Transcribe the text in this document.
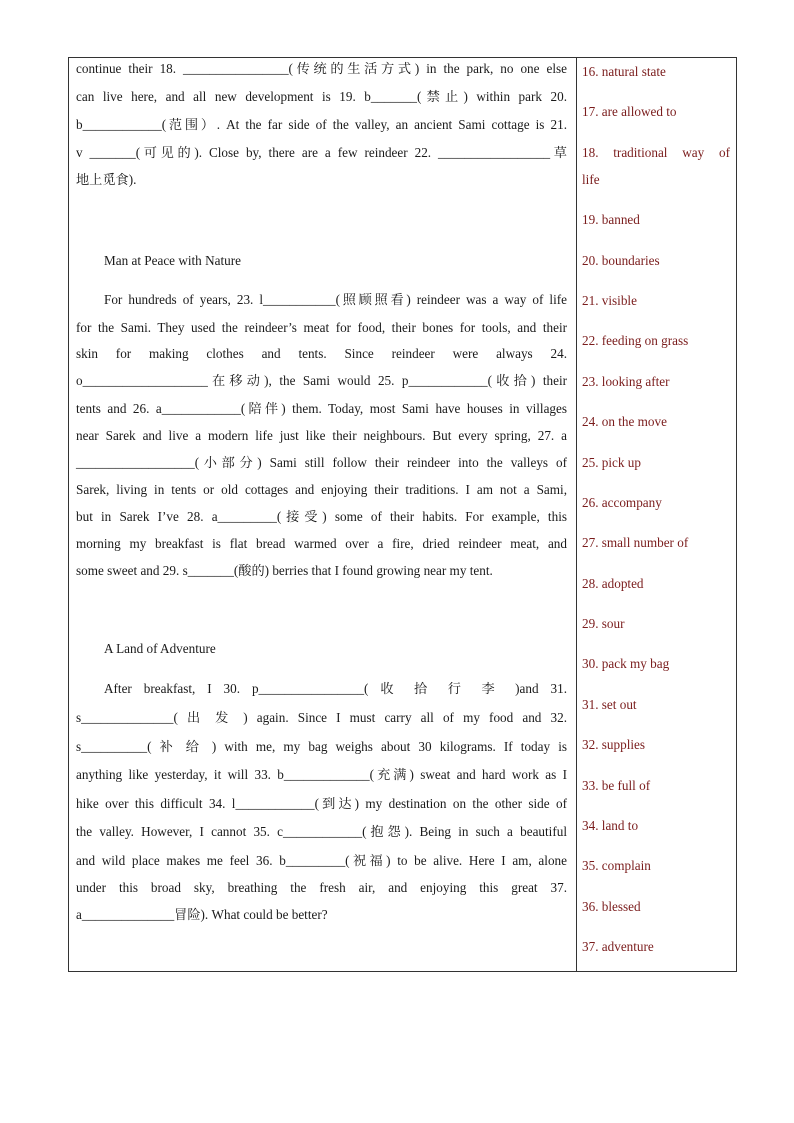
continue their 18. ________________(传统的生活方式) in the park, no one else
can live here, and all new development is 19. b_______(禁止) within park 20.
b____________(范围）. At the far side of the valley, an ancient Sami cottage is 21.
v _______(可见的). Close by, there are a few reindeer 22. _________________草
地上觅食).
Man at Peace with Nature
For hundreds of years, 23. l___________(照顾照看) reindeer was a way of life
for the Sami. They used the reindeer’s meat for food, their bones for tools, and their
skin for making clothes and tents. Since reindeer were always 24.
o___________________在移动), the Sami would 25. p____________(收拾) their
tents and 26. a____________(陪伴) them. Today, most Sami have houses in villages
near Sarek and live a modern life just like their neighbours. But every spring, 27. a
__________________(小部分) Sami still follow their reindeer into the valleys of
Sarek, living in tents or old cottages and enjoying their traditions. I am not a Sami,
but in Sarek I’ve 28. a_________(接受) some of their habits. For example, this
morning my breakfast is flat bread warmed over a fire, dried reindeer meat, and
some sweet and 29. s_______(酸的) berries that I found growing near my tent.
A Land of Adventure
After breakfast, I 30. p________________( 收 拾 行 李 )and 31.
s______________( 出 发 ) again. Since I must carry all of my food and 32.
s__________( 补 给 ) with me, my bag weighs about 30 kilograms. If today is
anything like yesterday, it will 33. b_____________(充满) sweat and hard work as I
hike over this difficult 34. l____________(到达) my destination on the other side of
the valley. However, I cannot 35. c____________(抱怨). Being in such a beautiful
and wild place makes me feel 36. b_________(祝福) to be alive. Here I am, alone
under this broad sky, breathing the fresh air, and enjoying this great 37.
a______________冒险). What could be better?
16. natural state
17. are allowed to
18. traditional way of
life
19. banned
20. boundaries
21. visible
22. feeding on grass
23. looking after
24. on the move
25. pick up
26. accompany
27. small number of
28. adopted
29. sour
30. pack my bag
31. set out
32. supplies
33. be full of
34. land to
35. complain
36. blessed
37. adventure
